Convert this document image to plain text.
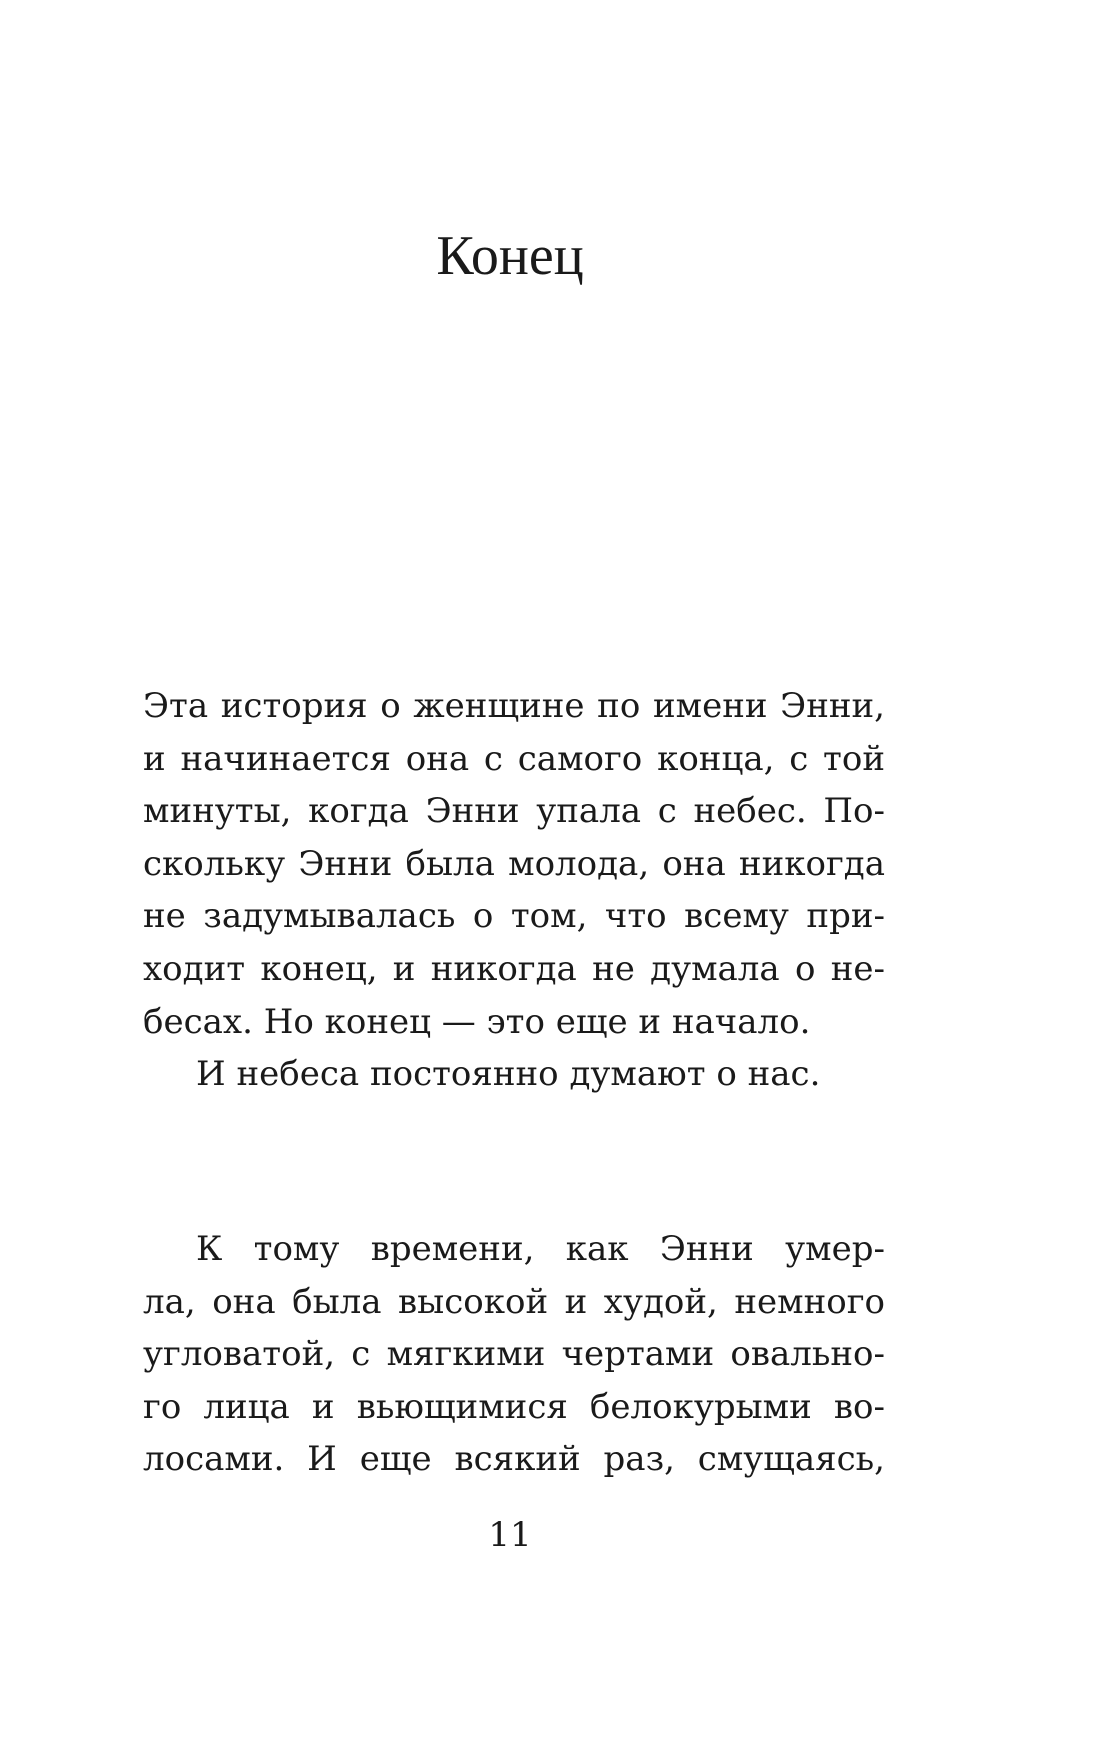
Конец
Эта история о женщине по имени Энни,
и начинается она с самого конца, с той
минуты, когда Энни упала с небес. По-
скольку Энни была молода, она никогда
не задумывалась о том, что всему при-
ходит конец, и никогда не думала о не-
бесах. Но конец — это еще и начало.
И небеса постоянно думают о нас.
К тому времени, как Энни умер-
ла, она была высокой и худой, немного
угловатой, с мягкими чертами овально-
го лица и вьющимися белокурыми во-
лосами. И еще всякий раз, смущаясь,
11
